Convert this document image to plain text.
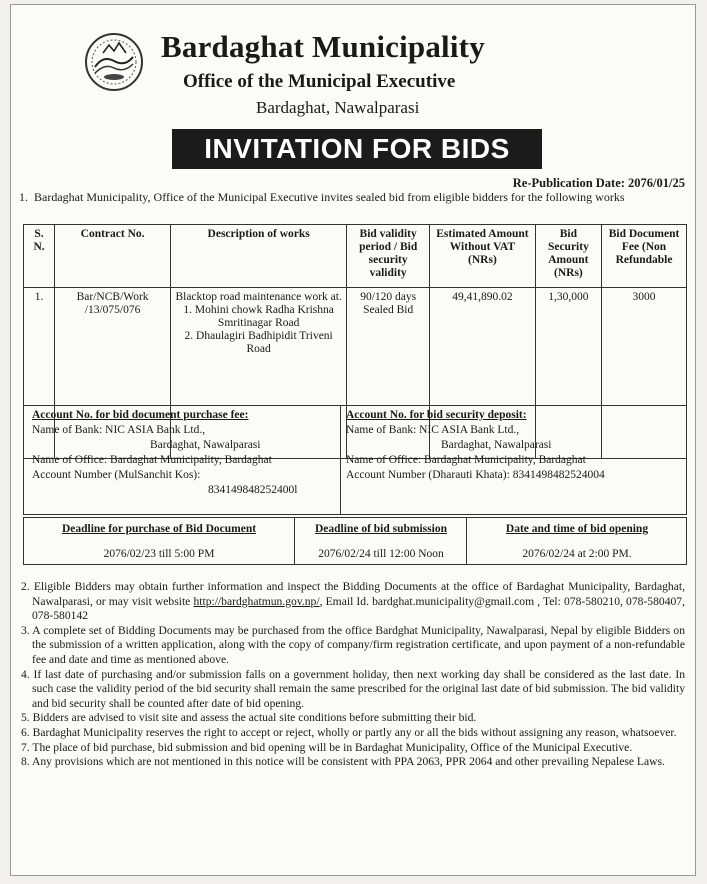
Bardaghat Municipality
Office of the Municipal Executive
Bardaghat, Nawalparasi
INVITATION FOR BIDS
Re-Publication Date: 2076/01/25
1. Bardaghat Municipality, Office of the Municipal Executive invites sealed bid from eligible bidders for the following works
S. N.	Contract No.	Description of works	Bid validity period / Bid security validity	Estimated Amount Without VAT (NRs)	Bid Security Amount (NRs)	Bid Document Fee (Non Refundable
1.	Bar/NCB/Work /13/075/076	Blacktop road maintenance work at.
1. Mohini chowk Radha Krishna Smritinagar Road
2. Dhaulagiri Badhipidit Triveni Road	90/120 days Sealed Bid	49,41,890.02	1,30,000	3000
Account No. for bid document purchase fee:
Name of Bank: NIC ASIA Bank Ltd.,
Bardaghat, Nawalparasi
Name of Office: Bardaghat Municipality, Bardaghat
Account Number (MulSanchit Kos):
834149848252400l
Account No. for bid security deposit:
Name of Bank: NIC ASIA Bank Ltd.,
Bardaghat, Nawalparasi
Name of Office: Bardaghat Municipality, Bardaghat
Account Number (Dharauti Khata): 8341498482524004
Deadline for purchase of Bid Document
2076/02/23 till 5:00 PM
Deadline of bid submission
2076/02/24 till 12:00 Noon
Date and time of bid opening
2076/02/24 at 2:00 PM.

2. Eligible Bidders may obtain further information and inspect the Bidding Documents at the office of Bardaghat Municipality, Bardaghat, Nawalparasi, or may visit website http://bardghatmun.gov.np/, Email Id. bardghat.municipality@gmail.com , Tel: 078-580210, 078-580407, 078-580142

3. A complete set of Bidding Documents may be purchased from the office Bardghat Municipality, Nawalparasi, Nepal by eligible Bidders on the submission of a written application, along with the copy of company/firm registration certificate, and upon payment of a non-refundable fee and date and time as mentioned above.

4. If last date of purchasing and/or submission falls on a government holiday, then next working day shall be considered as the last date. In such case the validity period of the bid security shall remain the same prescribed for the original last date of bid submission. The bid validity and bid security shall be counted after date of bid opening.

5. Bidders are advised to visit site and assess the actual site conditions before submitting their bid.

6. Bardaghat Municipality reserves the right to accept or reject, wholly or partly any or all the bids without assigning any reason, whatsoever.

7. The place of bid purchase, bid submission and bid opening will be in Bardaghat Municipality, Office of the Municipal Executive.

8. Any provisions which are not mentioned in this notice will be consistent with PPA 2063, PPR 2064 and other prevailing Nepalese Laws.
